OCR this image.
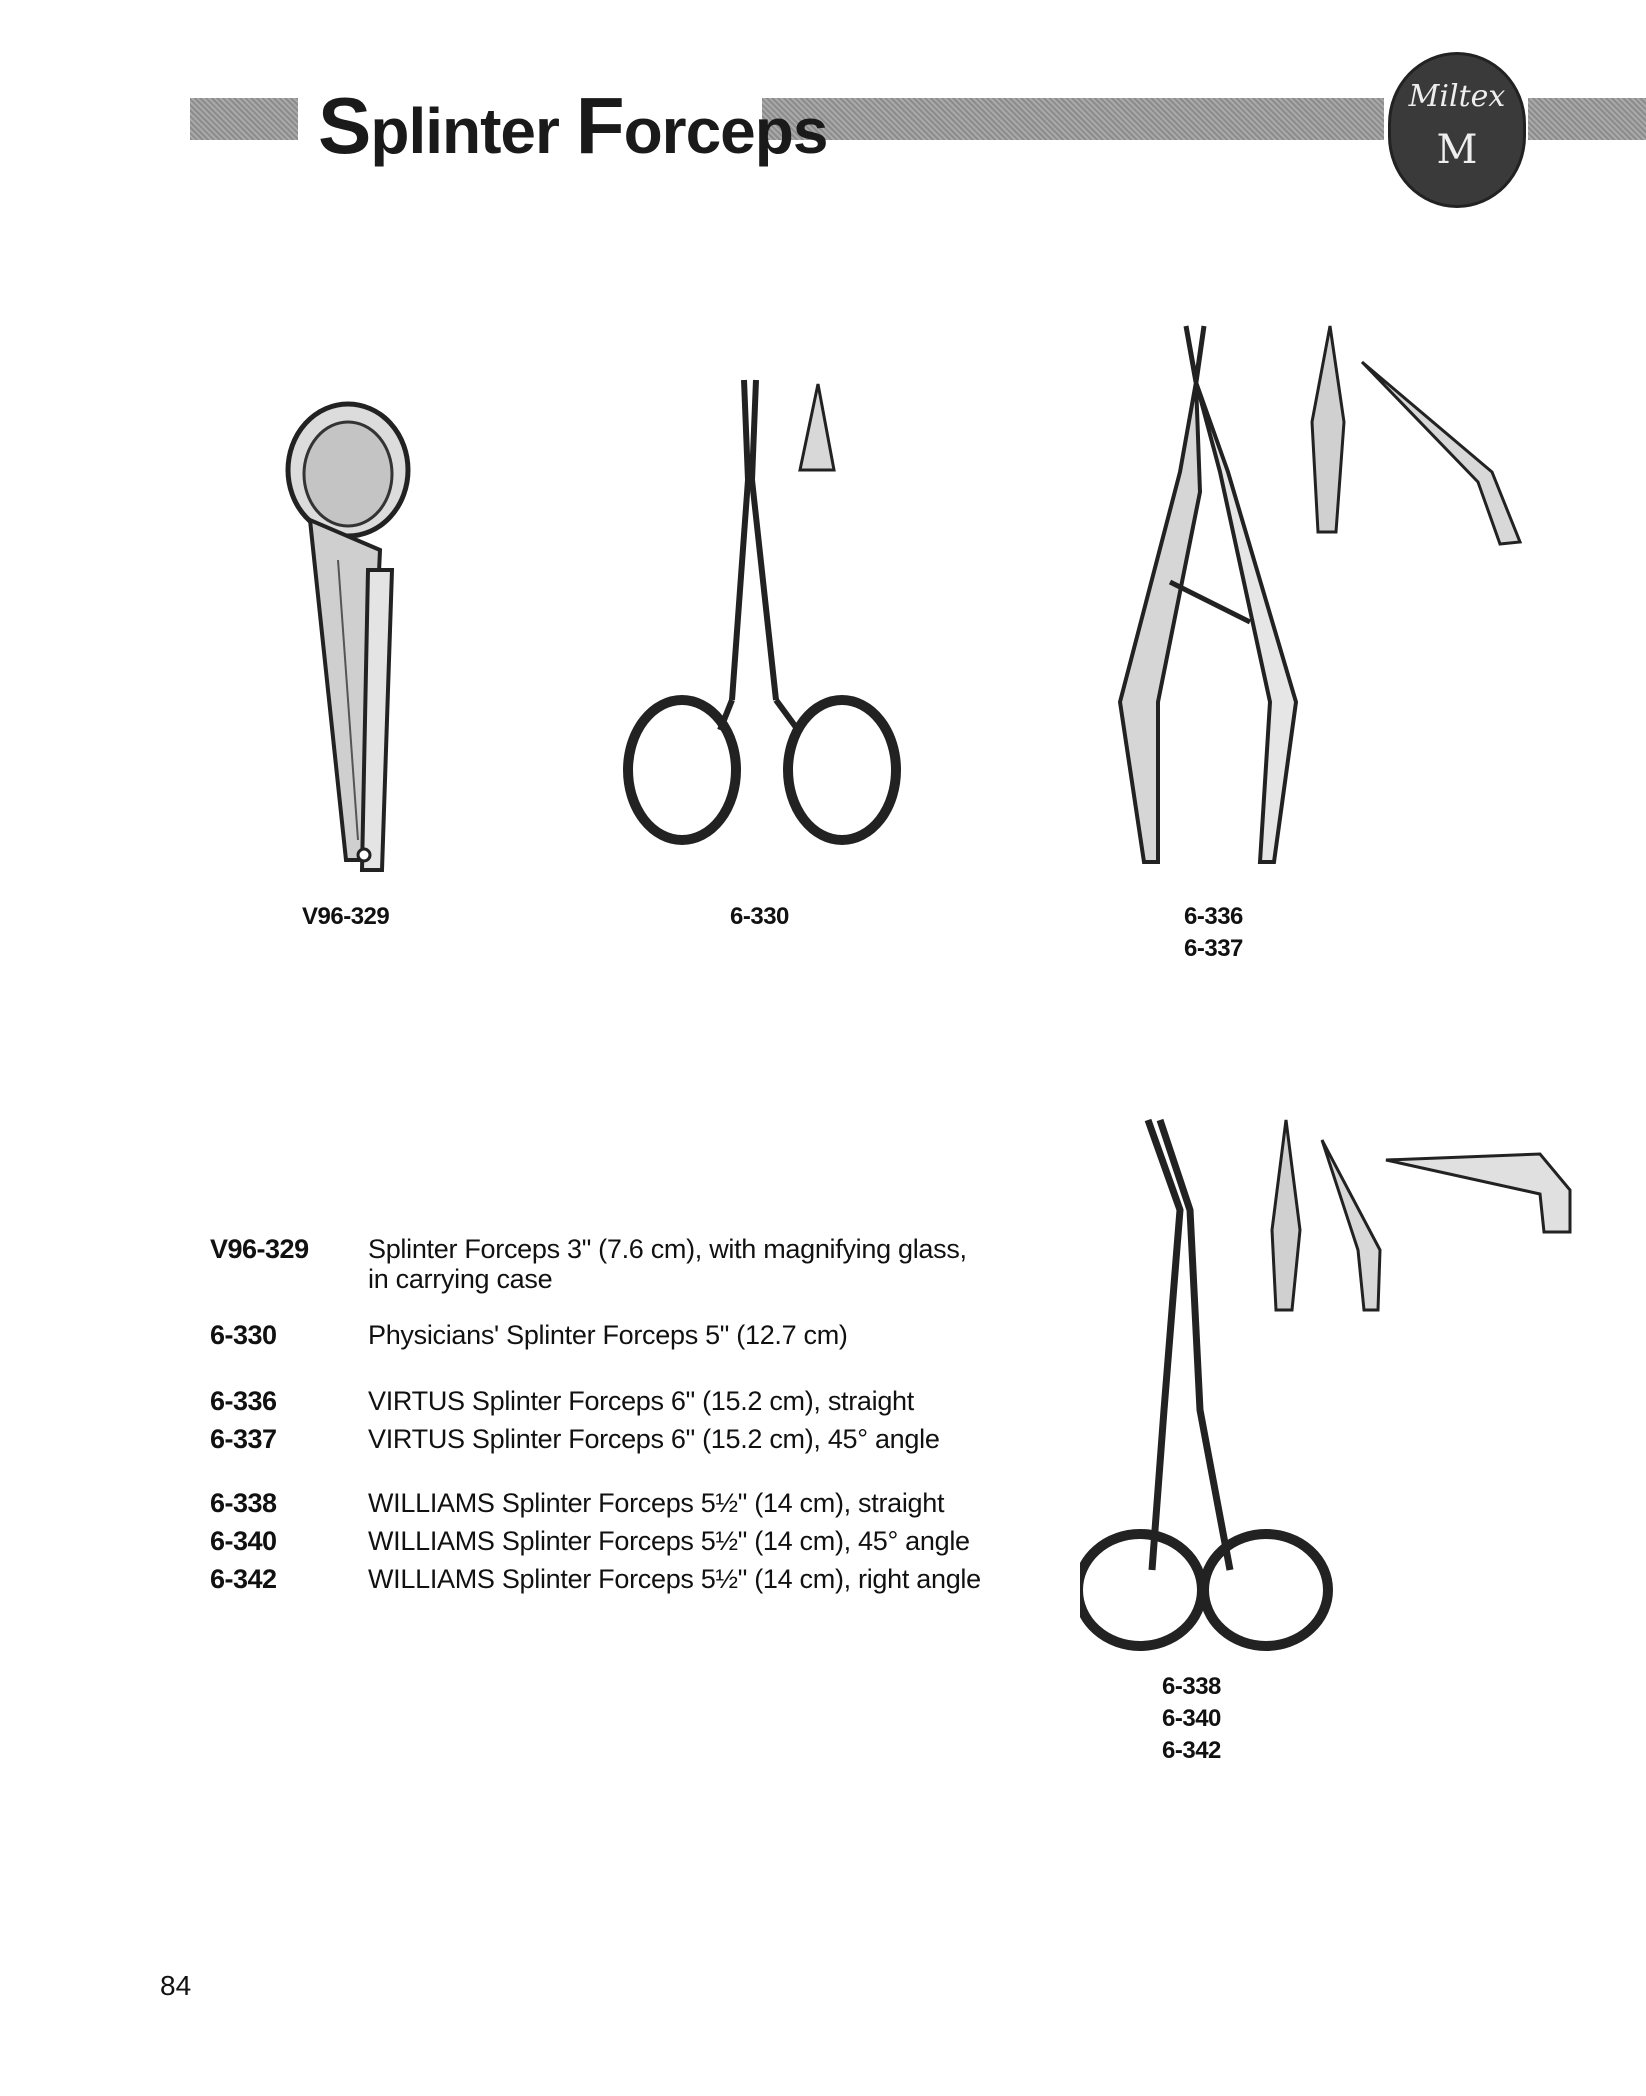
Splinter Forceps	Miltex
M
V96-329	6-330	6-336
6-337
6-338
6-340
6-342
V96-329 Splinter Forceps 3" (7.6 cm), with magnifying glass,
in carrying case
6-330	Physicians' Splinter Forceps 5" (12.7 cm)
6-336	VIRTUS Splinter Forceps 6" (15.2 cm), straight
6-337	VIRTUS Splinter Forceps 6" (15.2 cm), 45° angle
6-338	WILLIAMS Splinter Forceps 5½" (14 cm), straight
6-340	WILLIAMS Splinter Forceps 5½" (14 cm), 45° angle
6-342	WILLIAMS Splinter Forceps 5½" (14 cm), right angle
84
